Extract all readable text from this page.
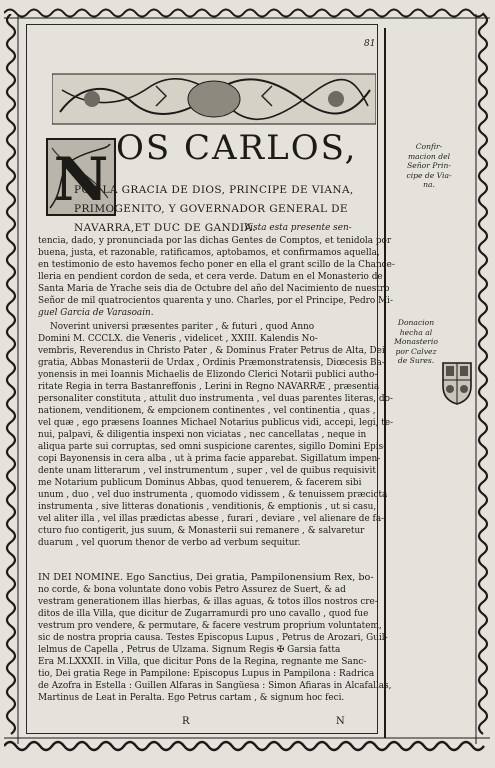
81
N OS CARLOS,
POR LA GRACIA DE DIOS, PRINCIPE DE VIANA,
PRIMOGENITO, Y GOVERNADOR GENERAL DE
NAVARRA,ET DUC DE GANDIA.
Vista esta presente sen-
tencia, dado, y pronunciada por las dichas Gentes de Comptos, et tenidola por
buena, justa, et razonable, ratificamos, aptobamos, et confirmamos aquella,
en testimonio de esto havemos fecho poner en ella el grant scillo de la Chance-
lleria en pendient cordon de seda, et cera verde. Datum en el Monasterio de
Santa Maria de Yrache seis dia de Octubre del año del Nacimiento de nuestro
Señor de mil quatrocientos quarenta y uno. Charles, por el Principe, Pedro Mi-
guel Garcia de Varasoain.
Noverint universi præsentes pariter , & futuri , quod Anno
Domini M. CCCLX. die Veneris , videlicet , XXIII. Kalendis No-
vembris, Reverendus in Christo Pater , & Dominus Frater Petrus de Alta, Dei
gratia, Abbas Monasterii de Urdax , Ordinis Præmonstratensis, Diœcesis Ba-
yonensis in mei Ioannis Michaelis de Elizondo Clerici Notarii publici autho-
ritate Regia in terra Bastanreffonis , Lerini in Regno NAVARRÆ , præsentia
personaliter constituta , attulit duo instrumenta , vel duas parentes literas, do-
nationem, venditionem, & empcionem continentes , vel continentia , quas ,
vel quæ , ego præsens Ioannes Michael Notarius publicus vidi, accepi, legi, te-
nui, palpavi, & diligentia inspexi non viciatas , nec cancellatas , neque in
aliqua parte sui corruptas, sed omni suspicione carentes, sigillo Domini Epis-
copi Bayonensis in cera alba , ut à prima facie apparebat. Sigillatum impen-
dente unam litterarum , vel instrumentum , super , vel de quibus requisivit
me Notarium publicum Dominus Abbas, quod tenuerem, & facerem sibi
unum , duo , vel duo instrumenta , quomodo vidissem , & tenuissem præcicta
instrumenta , sive litteras donationis , venditionis, & emptionis , ut si casu,
vel aliter illa , vel illas prædictas abesse , furari , deviare , vel alienare de fa-
cturo fuo contigerit, jus suum, & Monasterii sui remanere , & salvaretur
duarum , vel quorum thenor de verbo ad verbum sequitur.
IN DEI NOMINE. Ego Sanctius, Dei gratia, Pampilonensium Rex, bo-
no corde, & bona voluntate dono vobis Petro Assurez de Suert, & ad
vestram generationem illas hierbas, & illas aguas, & totos illos nostros cre-
ditos de illa Villa, que dicitur de Zugarramurdi pro uno cavallo , quod fue
vestrum pro vendere, & permutare, & facere vestrum proprium voluntatem,
sic de nostra propria causa. Testes Episcopus Lupus , Petrus de Arozari, Guil-
lelmus de Capella , Petrus de Ulzama. Signum Regis ✠ Garsia fatta
Era M.LXXXII. in Villa, que dicitur Pons de la Regina, regnante me Sanc-
tio, Dei gratia Rege in Pampilone: Episcopus Lupus in Pampilona : Radrica
de Azofra in Estella : Guillen Alfaras in Sangüesa : Simon Afiaras in Alcafallas,
Martinus de Leat in Peralta. Ego Petrus cartam , & signum hoc feci.
Confir-
macion del
Señor Prin-
cipe de Via-
na.
Donacion
hecha al
Monasterio
por Calvez
de Sures.
R	N
